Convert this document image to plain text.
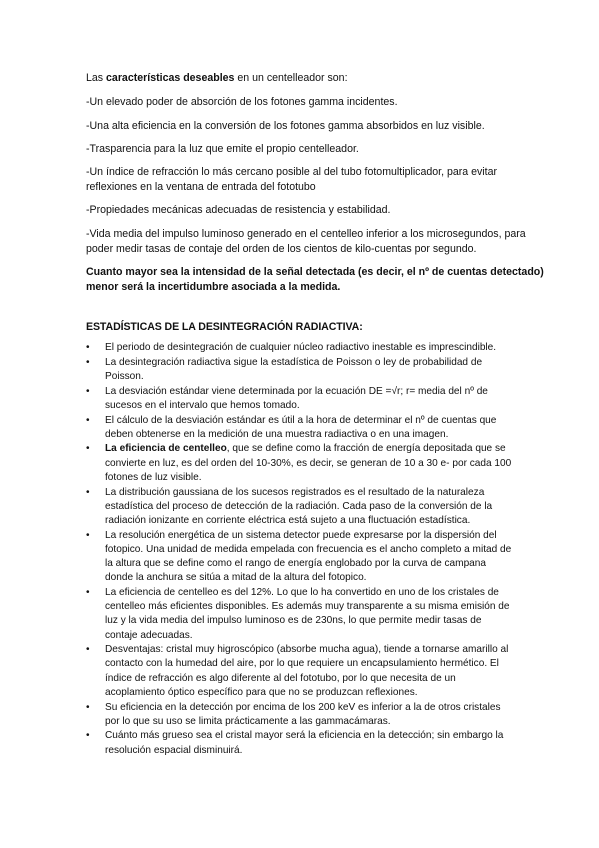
Las características deseables en un centelleador son:
-Un elevado poder de absorción de los fotones gamma incidentes.
-Una alta eficiencia en la conversión de los fotones gamma absorbidos en luz visible.
-Trasparencia para la luz que emite el propio centelleador.
-Un índice de refracción lo más cercano posible al del tubo fotomultiplicador, para evitar
reflexiones en la ventana de entrada del fototubo
-Propiedades mecánicas adecuadas de resistencia y estabilidad.
-Vida media del impulso luminoso generado en el centelleo inferior a los microsegundos, para
poder medir tasas de contaje del orden de los cientos de kilo-cuentas por segundo.
Cuanto mayor sea la intensidad de la señal detectada (es decir, el nº de cuentas detectado)
menor será la incertidumbre asociada a la medida.
ESTADÍSTICAS DE LA DESINTEGRACIÓN RADIACTIVA:
• El periodo de desintegración de cualquier núcleo radiactivo inestable es imprescindible.
• La desintegración radiactiva sigue la estadística de Poisson o ley de probabilidad de
Poisson.
• La desviación estándar viene determinada por la ecuación DE =√r; r= media del nº de
sucesos en el intervalo que hemos tomado.
• El cálculo de la desviación estándar es útil a la hora de determinar el nº de cuentas que
deben obtenerse en la medición de una muestra radiactiva o en una imagen.
• La eficiencia de centelleo, que se define como la fracción de energía depositada que se
convierte en luz, es del orden del 10-30%, es decir, se generan de 10 a 30 e- por cada 100
fotones de luz visible.
• La distribución gaussiana de los sucesos registrados es el resultado de la naturaleza
estadística del proceso de detección de la radiación. Cada paso de la conversión de la
radiación ionizante en corriente eléctrica está sujeto a una fluctuación estadística.
• La resolución energética de un sistema detector puede expresarse por la dispersión del
fotopico. Una unidad de medida empelada con frecuencia es el ancho completo a mitad de
la altura que se define como el rango de energía englobado por la curva de campana
donde la anchura se sitúa a mitad de la altura del fotopico.
• La eficiencia de centelleo es del 12%. Lo que lo ha convertido en uno de los cristales de
centelleo más eficientes disponibles. Es además muy transparente a su misma emisión de
luz y la vida media del impulso luminoso es de 230ns, lo que permite medir tasas de
contaje adecuadas.
• Desventajas: cristal muy higroscópico (absorbe mucha agua), tiende a tornarse amarillo al
contacto con la humedad del aire, por lo que requiere un encapsulamiento hermético. El
índice de refracción es algo diferente al del fototubo, por lo que necesita de un
acoplamiento óptico específico para que no se produzcan reflexiones.
• Su eficiencia en la detección por encima de los 200 keV es inferior a la de otros cristales
por lo que su uso se limita prácticamente a las gammacámaras.
• Cuánto más grueso sea el cristal mayor será la eficiencia en la detección; sin embargo la
resolución espacial disminuirá.
